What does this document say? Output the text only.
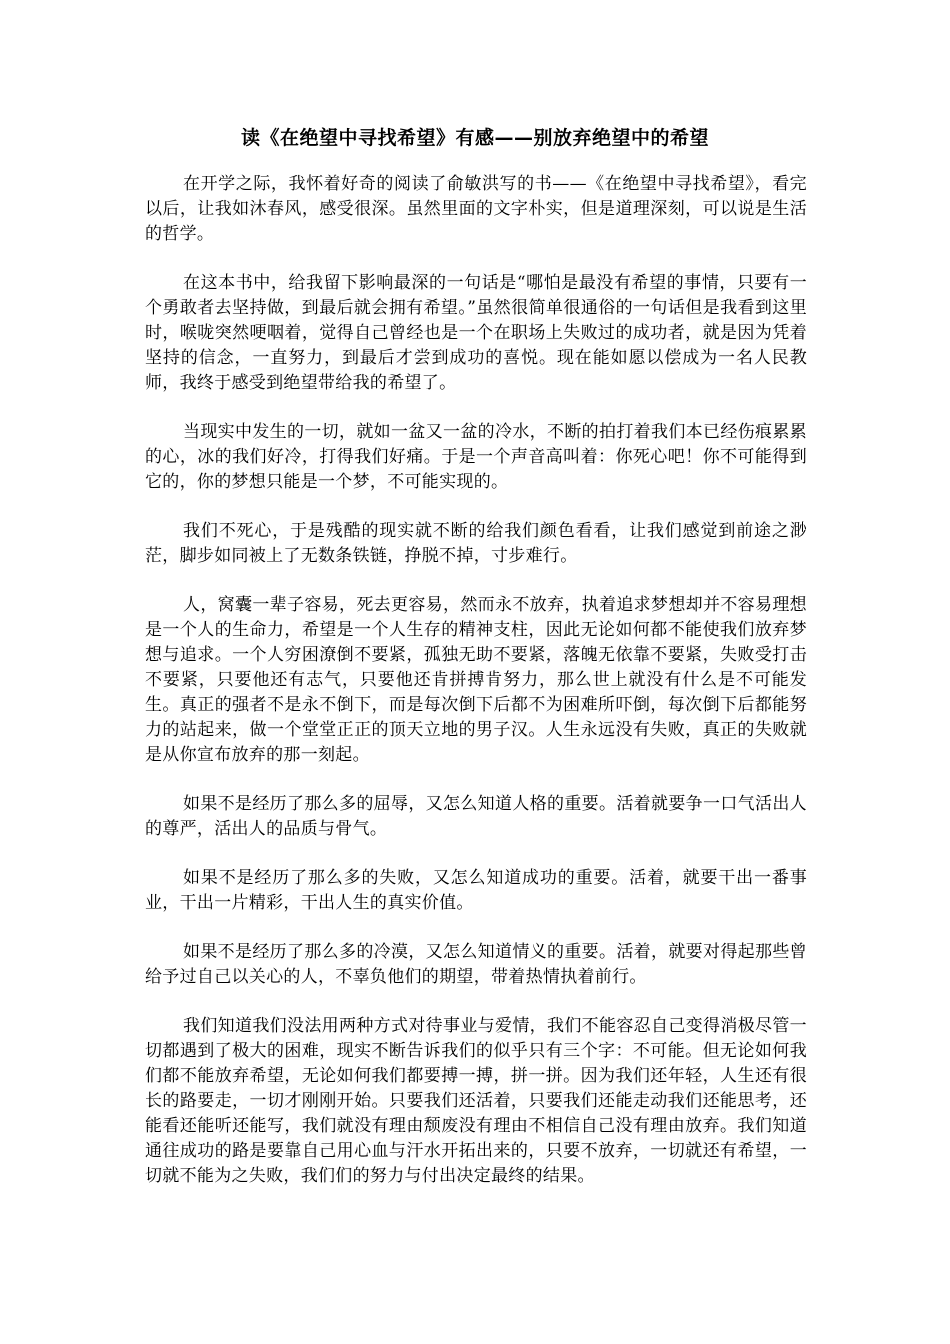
读《在绝望中寻找希望》有感——别放弃绝望中的希望

在开学之际，我怀着好奇的阅读了俞敏洪写的书——《在绝望中寻找希望》，看完以后，让我如沐春风，感受很深。虽然里面的文字朴实，但是道理深刻，可以说是生活的哲学。

在这本书中，给我留下影响最深的一句话是“哪怕是最没有希望的事情，只要有一个勇敢者去坚持做，到最后就会拥有希望。”虽然很简单很通俗的一句话但是我看到这里时，喉咙突然哽咽着，觉得自己曾经也是一个在职场上失败过的成功者，就是因为凭着坚持的信念，一直努力，到最后才尝到成功的喜悦。现在能如愿以偿成为一名人民教师，我终于感受到绝望带给我的希望了。

当现实中发生的一切，就如一盆又一盆的冷水，不断的拍打着我们本已经伤痕累累的心，冰的我们好冷，打得我们好痛。于是一个声音高叫着：你死心吧！你不可能得到它的，你的梦想只能是一个梦，不可能实现的。

我们不死心，于是残酷的现实就不断的给我们颜色看看，让我们感觉到前途之渺茫，脚步如同被上了无数条铁链，挣脱不掉，寸步难行。

人，窝囊一辈子容易，死去更容易，然而永不放弃，执着追求梦想却并不容易理想是一个人的生命力，希望是一个人生存的精神支柱，因此无论如何都不能使我们放弃梦想与追求。一个人穷困潦倒不要紧，孤独无助不要紧，落魄无依靠不要紧，失败受打击不要紧，只要他还有志气，只要他还肯拼搏肯努力，那么世上就没有什么是不可能发生。真正的强者不是永不倒下，而是每次倒下后都不为困难所吓倒，每次倒下后都能努力的站起来，做一个堂堂正正的顶天立地的男子汉。人生永远没有失败，真正的失败就是从你宣布放弃的那一刻起。

如果不是经历了那么多的屈辱，又怎么知道人格的重要。活着就要争一口气活出人的尊严，活出人的品质与骨气。

如果不是经历了那么多的失败，又怎么知道成功的重要。活着，就要干出一番事业，干出一片精彩，干出人生的真实价值。

如果不是经历了那么多的冷漠，又怎么知道情义的重要。活着，就要对得起那些曾给予过自己以关心的人，不辜负他们的期望，带着热情执着前行。

我们知道我们没法用两种方式对待事业与爱情，我们不能容忍自己变得消极尽管一切都遇到了极大的困难，现实不断告诉我们的似乎只有三个字：不可能。但无论如何我们都不能放弃希望，无论如何我们都要搏一搏，拼一拼。因为我们还年轻，人生还有很长的路要走，一切才刚刚开始。只要我们还活着，只要我们还能走动我们还能思考，还能看还能听还能写，我们就没有理由颓废没有理由不相信自己没有理由放弃。我们知道通往成功的路是要靠自己用心血与汗水开拓出来的，只要不放弃，一切就还有希望，一切就不能为之失败，我们们的努力与付出决定最终的结果。
